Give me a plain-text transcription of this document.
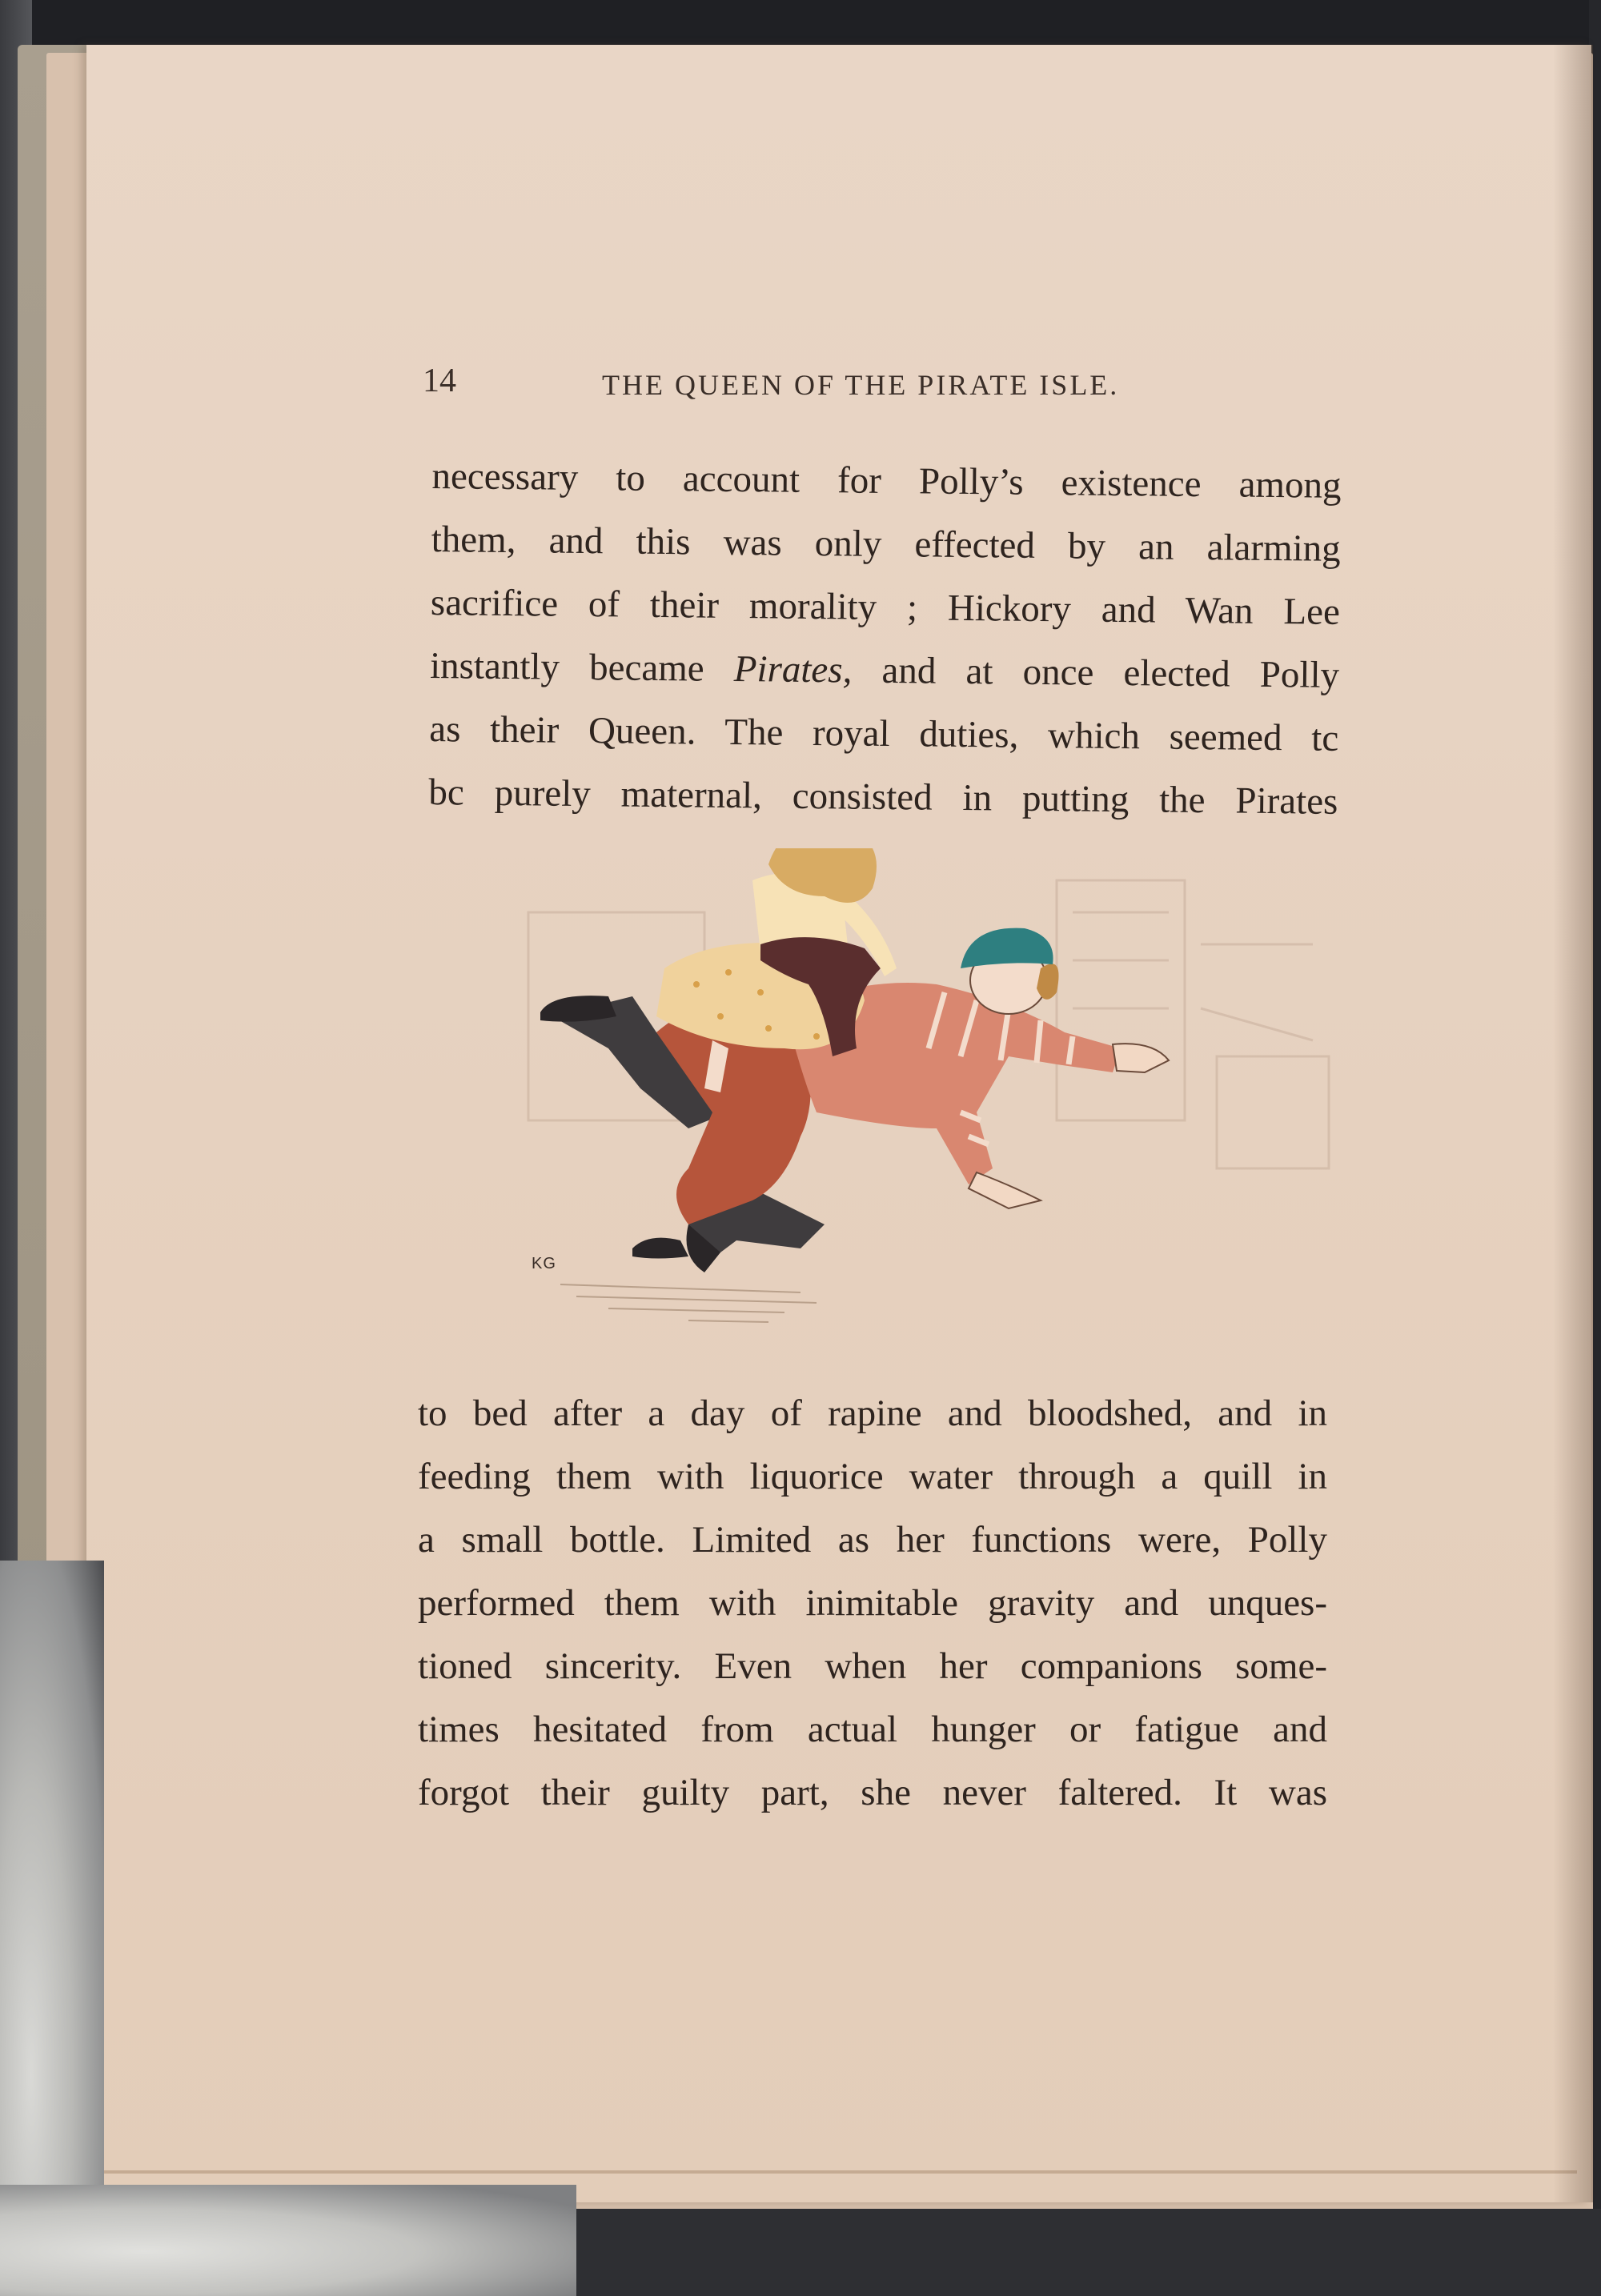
14	THE QUEEN OF THE PIRATE ISLE.
necessary to account for Polly’s existence among
them, and this was only effected by an alarming
sacrifice of their morality ; Hickory and Wan Lee
instantly became Pirates, and at once elected Polly
as their Queen. The royal duties, which seemed tc
bc purely maternal, consisted in putting the Pirates
KG
to bed after a day of rapine and bloodshed, and in
feeding them with liquorice water through a quill in
a small bottle. Limited as her functions were, Polly
performed them with inimitable gravity and unques-
tioned sincerity. Even when her companions some-
times hesitated from actual hunger or fatigue and
forgot their guilty part, she never faltered. It was
